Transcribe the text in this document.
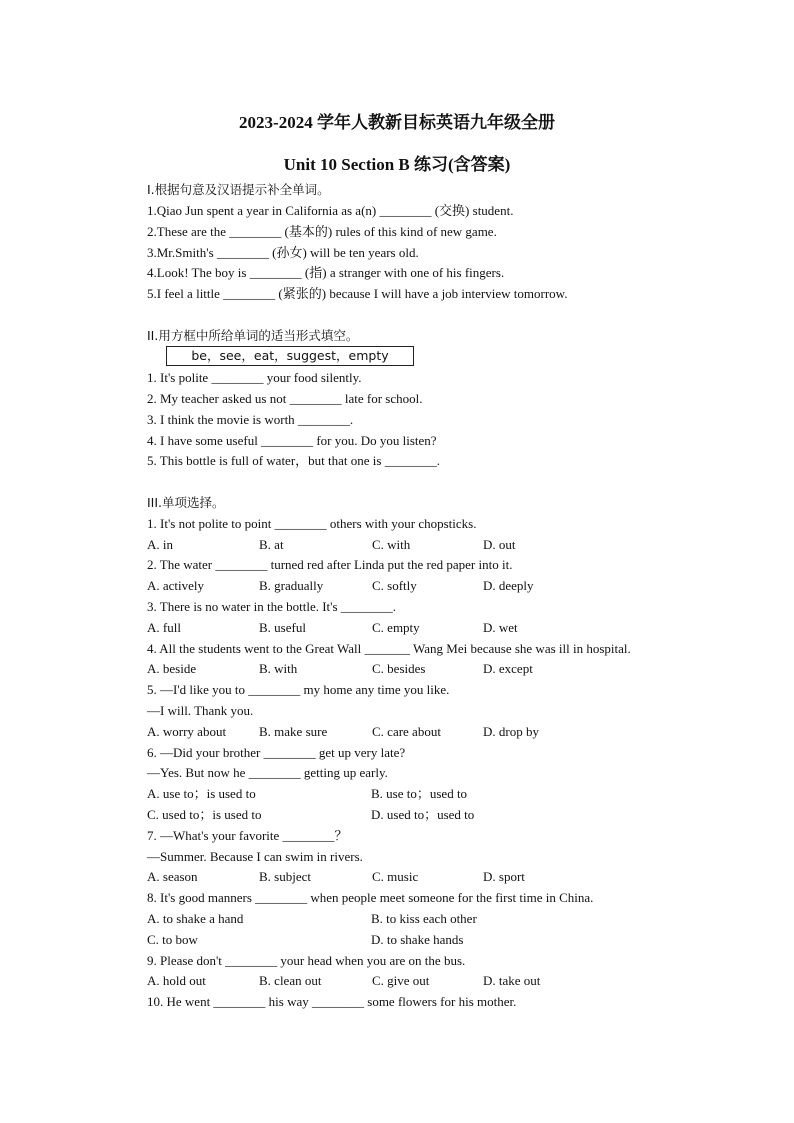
2023-2024 学年人教新目标英语九年级全册
Unit 10 Section B 练习(含答案)
I.根据句意及汉语提示补全单词。
1.Qiao Jun spent a year in California as a(n) ________ (交换) student.
2.These are the ________ (基本的) rules of this kind of new game.
3.Mr.Smith's ________ (孙女) will be ten years old.
4.Look! The boy is ________ (指) a stranger with one of his fingers.
5.I feel a little ________ (紧张的) because I will have a job interview tomorrow.
II.用方框中所给单词的适当形式填空。
be，see，eat，suggest，empty
1. It's polite ________ your food silently.
2. My teacher asked us not ________ late for school.
3. I think the movie is worth ________.
4. I have some useful ________ for you. Do you listen?
5. This bottle is full of water，but that one is ________.
III.单项选择。
1. It's not polite to point ________ others with your chopsticks.
A. in	B. at	C. with	D. out
2. The water ________ turned red after Linda put the red paper into it.
A. actively	B. gradually	C. softly	D. deeply
3. There is no water in the bottle. It's ________.
A. full	B. useful	C. empty	D. wet
4. All the students went to the Great Wall _______ Wang Mei because she was ill in hospital.
A. beside	B. with	C. besides	D. except
5. —I'd like you to ________ my home any time you like.
—I will. Thank you.
A. worry about	B. make sure	C. care about	D. drop by
6. —Did your brother ________ get up very late?
—Yes. But now he ________ getting up early.
A. use to；is used to	B. use to；used to
C. used to；is used to	D. used to；used to
7. —What's your favorite ________？
—Summer. Because I can swim in rivers.
A. season	B. subject	C. music	D. sport
8. It's good manners ________ when people meet someone for the first time in China.
A. to shake a hand	B. to kiss each other
C. to bow	D. to shake hands
9. Please don't ________ your head when you are on the bus.
A. hold out	B. clean out	C. give out	D. take out
10. He went ________ his way ________ some flowers for his mother.
